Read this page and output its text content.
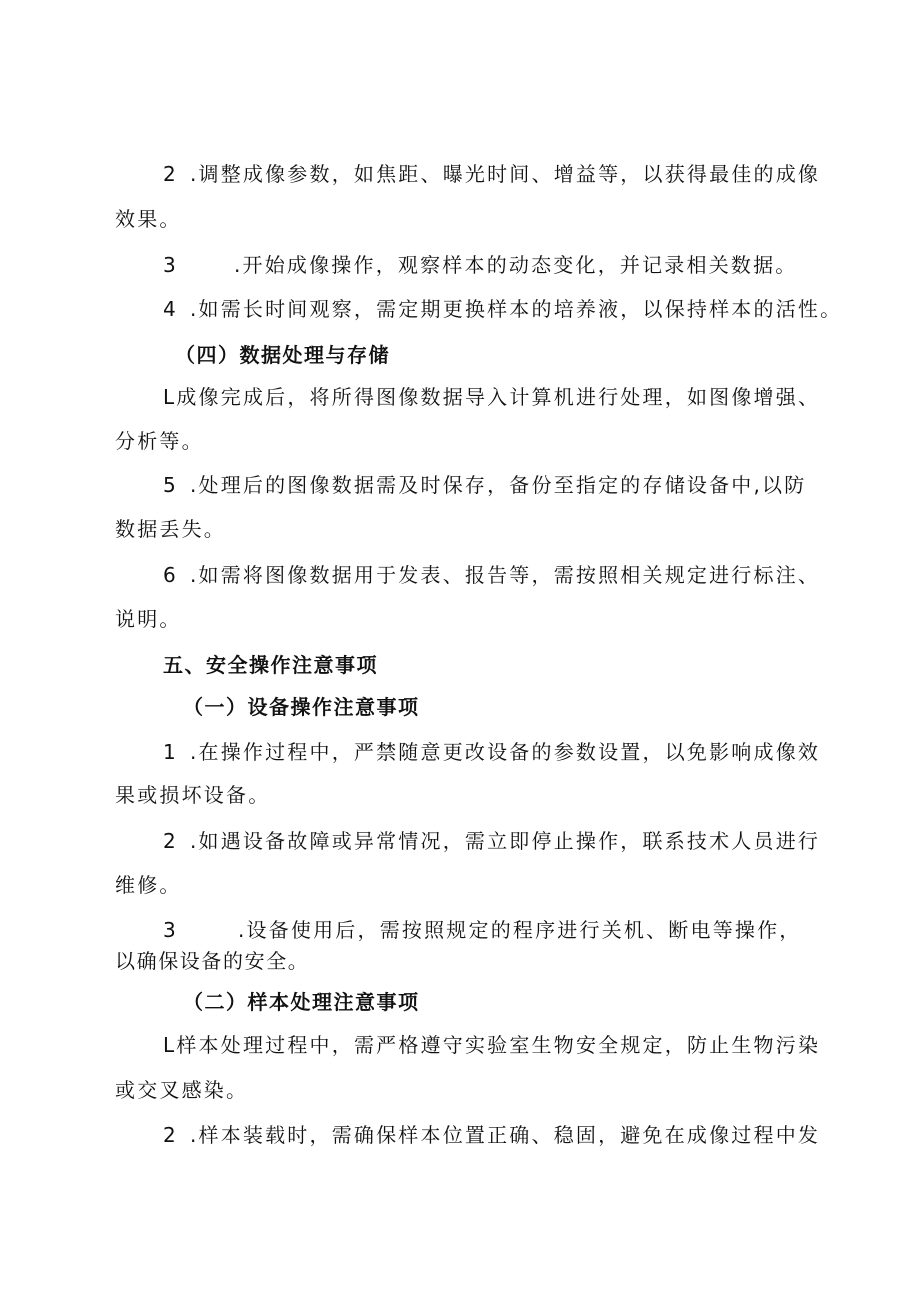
2 .调整成像参数，如焦距、曝光时间、增益等，以获得最佳的成像
效果。
3	.开始成像操作，观察样本的动态变化，并记录相关数据。
4 .如需长时间观察，需定期更换样本的培养液，以保持样本的活性。
（四）数据处理与存储
L成像完成后，将所得图像数据导入计算机进行处理，如图像增强、
分析等。
5 .处理后的图像数据需及时保存，备份至指定的存储设备中,以防
数据丢失。
6 .如需将图像数据用于发表、报告等，需按照相关规定进行标注、
说明。
五、安全操作注意事项
（一）设备操作注意事项
1 .在操作过程中，严禁随意更改设备的参数设置，以免影响成像效
果或损坏设备。
2 .如遇设备故障或异常情况，需立即停止操作，联系技术人员进行
维修。
3	.设备使用后，需按照规定的程序进行关机、断电等操作，
以确保设备的安全。
（二）样本处理注意事项
L样本处理过程中，需严格遵守实验室生物安全规定，防止生物污染
或交叉感染。
2 .样本装载时，需确保样本位置正确、稳固，避免在成像过程中发
